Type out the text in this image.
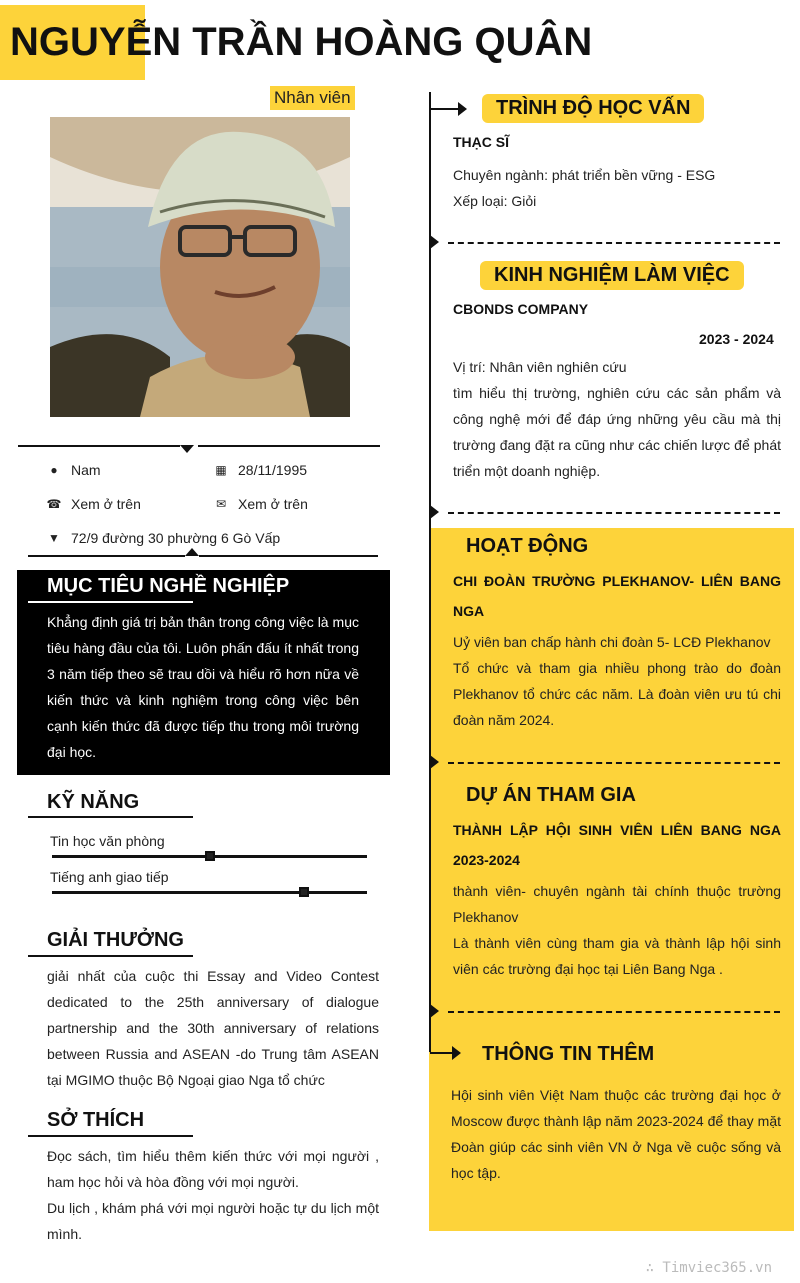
NGUYỄN TRẦN HOÀNG QUÂN
Nhân viên
● Nam	▦ 28/11/1995
☎ Xem ở trên	✉ Xem ở trên
▼ 72/9 đường 30 phường 6 Gò Vấp
MỤC TIÊU NGHỀ NGHIỆP
Khẳng định giá trị bản thân trong công việc là mục tiêu hàng đầu của tôi. Luôn phấn đấu ít nhất trong 3 năm tiếp theo sẽ trau dồi và hiểu rõ hơn nữa về kiến thức và kinh nghiệm trong công việc bên cạnh kiến thức đã được tiếp thu trong môi trường đại học.
KỸ NĂNG
Tin học văn phòng
Tiếng anh giao tiếp
GIẢI THƯỞNG
giải nhất của cuộc thi Essay and Video Contest dedicated to the 25th anniversary of dialogue partnership and the 30th anniversary of relations between Russia and ASEAN -do Trung tâm ASEAN tại MGIMO thuộc Bộ Ngoại giao Nga tổ chức
SỞ THÍCH
Đọc sách, tìm hiểu thêm kiến thức với mọi người , ham học hỏi và hòa đồng với mọi người.
Du lịch , khám phá với mọi người hoặc tự du lịch một mình.
TRÌNH ĐỘ HỌC VẤN
THẠC SĨ
Chuyên ngành: phát triển bền vững - ESG
Xếp loại: Giỏi
KINH NGHIỆM LÀM VIỆC
CBONDS COMPANY
2023 - 2024
Vị trí: Nhân viên nghiên cứu
tìm hiểu thị trường, nghiên cứu các sản phẩm và công nghệ mới để đáp ứng những yêu cầu mà thị trường đang đặt ra cũng như các chiến lược để phát triển một doanh nghiệp.
HOẠT ĐỘNG
CHI ĐOÀN TRƯỜNG PLEKHANOV- LIÊN BANG NGA
Uỷ viên ban chấp hành chi đoàn 5- LCĐ Plekhanov
Tổ chức và tham gia nhiều phong trào do đoàn Plekhanov tổ chức các năm. Là đoàn viên ưu tú chi đoàn năm 2024.
DỰ ÁN THAM GIA
THÀNH LẬP HỘI SINH VIÊN LIÊN BANG NGA 2023-2024
thành viên- chuyên ngành tài chính thuộc trường Plekhanov
Là thành viên cùng tham gia và thành lập hội sinh viên các trường đại học tại Liên Bang Nga .
THÔNG TIN THÊM
Hội sinh viên Việt Nam thuộc các trường đại học ở Moscow được thành lập năm 2023-2024 để thay mặt Đoàn giúp các sinh viên VN ở Nga về cuộc sống và học tập.
∴ Timviec365.vn
